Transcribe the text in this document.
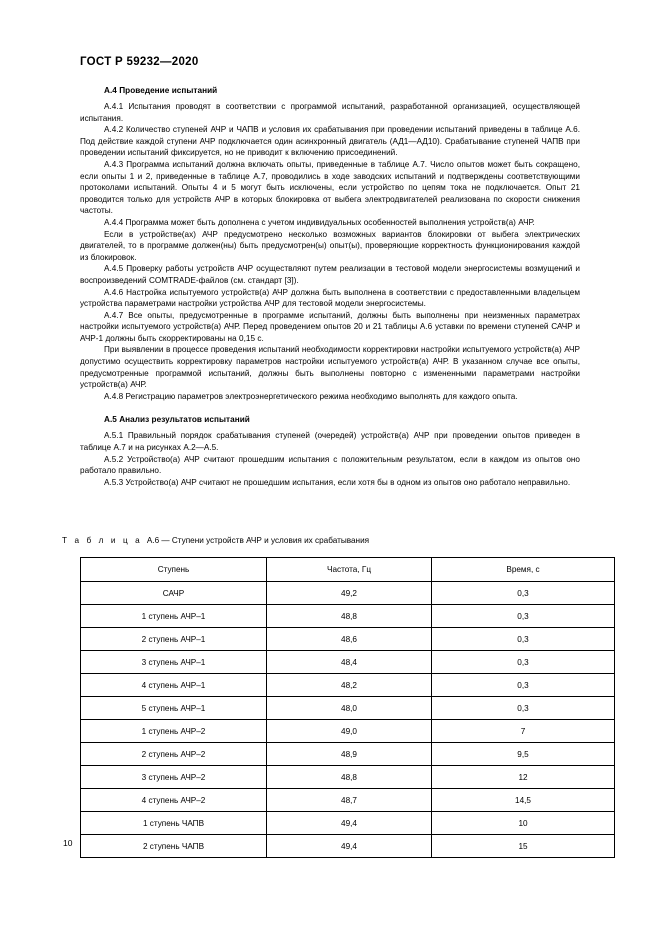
ГОСТ Р 59232—2020
A.4 Проведение испытаний

А.4.1 Испытания проводят в соответствии с программой испытаний, разработанной организацией, осуществляющей испытания.

А.4.2 Количество ступеней АЧР и ЧАПВ и условия их срабатывания при проведении испытаний приведены в таблице А.6. Под действие каждой ступени АЧР подключается один асинхронный двигатель (АД1—АД10). Срабатывание ступеней ЧАПВ при проведении испытаний фиксируется, но не приводит к включению присоединений.

А.4.3 Программа испытаний должна включать опыты, приведенные в таблице А.7. Число опытов может быть сокращено, если опыты 1 и 2, приведенные в таблице А.7, проводились в ходе заводских испытаний и подтверждены соответствующими протоколами испытаний. Опыты 4 и 5 могут быть исключены, если устройство по цепям тока не подключается. Опыт 21 проводится только для устройств АЧР в которых блокировка от выбега электродвигателей реализована по скорости снижения частоты.

А.4.4 Программа может быть дополнена с учетом индивидуальных особенностей выполнения устройств(а) АЧР.

Если в устройстве(ах) АЧР предусмотрено несколько возможных вариантов блокировки от выбега электрических двигателей, то в программе должен(ны) быть предусмотрен(ы) опыт(ы), проверяющие корректность функционирования каждой из блокировок.

А.4.5 Проверку работы устройств АЧР осуществляют путем реализации в тестовой модели энергосистемы возмущений и воспроизведений COMTRADE-файлов (см. стандарт [3]).

А.4.6 Настройка испытуемого устройств(а) АЧР должна быть выполнена в соответствии с предоставленными владельцем устройства параметрами настройки устройства АЧР для тестовой модели энергосистемы.

А.4.7 Все опыты, предусмотренные в программе испытаний, должны быть выполнены при неизменных параметрах настройки испытуемого устройств(а) АЧР. Перед проведением опытов 20 и 21 таблицы А.6 уставки по времени ступеней САЧР и АЧР-1 должны быть скорректированы на 0,15 с.

При выявлении в процессе проведения испытаний необходимости корректировки настройки испытуемого устройств(а) АЧР допустимо осуществить корректировку параметров настройки испытуемого устройств(а) АЧР. В указанном случае все опыты, предусмотренные программой испытаний, должны быть выполнены повторно с измененными параметрами настройки устройств(а) АЧР.

А.4.8 Регистрацию параметров электроэнергетического режима необходимо выполнять для каждого опыта.

A.5 Анализ результатов испытаний

А.5.1 Правильный порядок срабатывания ступеней (очередей) устройств(а) АЧР при проведении опытов приведен в таблице А.7 и на рисунках А.2—А.5.

А.5.2 Устройство(а) АЧР считают прошедшим испытания с положительным результатом, если в каждом из опытов оно работало правильно.

А.5.3 Устройство(а) АЧР считают не прошедшим испытания, если хотя бы в одном из опытов оно работало неправильно.

Т а б л и ц а А.6 — Ступени устройств АЧР и условия их срабатывания
Ступень	Частота, Гц	Время, с
САЧР	49,2	0,3
1 ступень АЧР–1	48,8	0,3
2 ступень АЧР–1	48,6	0,3
3 ступень АЧР–1	48,4	0,3
4 ступень АЧР–1	48,2	0,3
5 ступень АЧР–1	48,0	0,3
1 ступень АЧР–2	49,0	7
2 ступень АЧР–2	48,9	9,5
3 ступень АЧР–2	48,8	12
4 ступень АЧР–2	48,7	14,5
1 ступень ЧАПВ	49,4	10
2 ступень ЧАПВ	49,4	15
10
